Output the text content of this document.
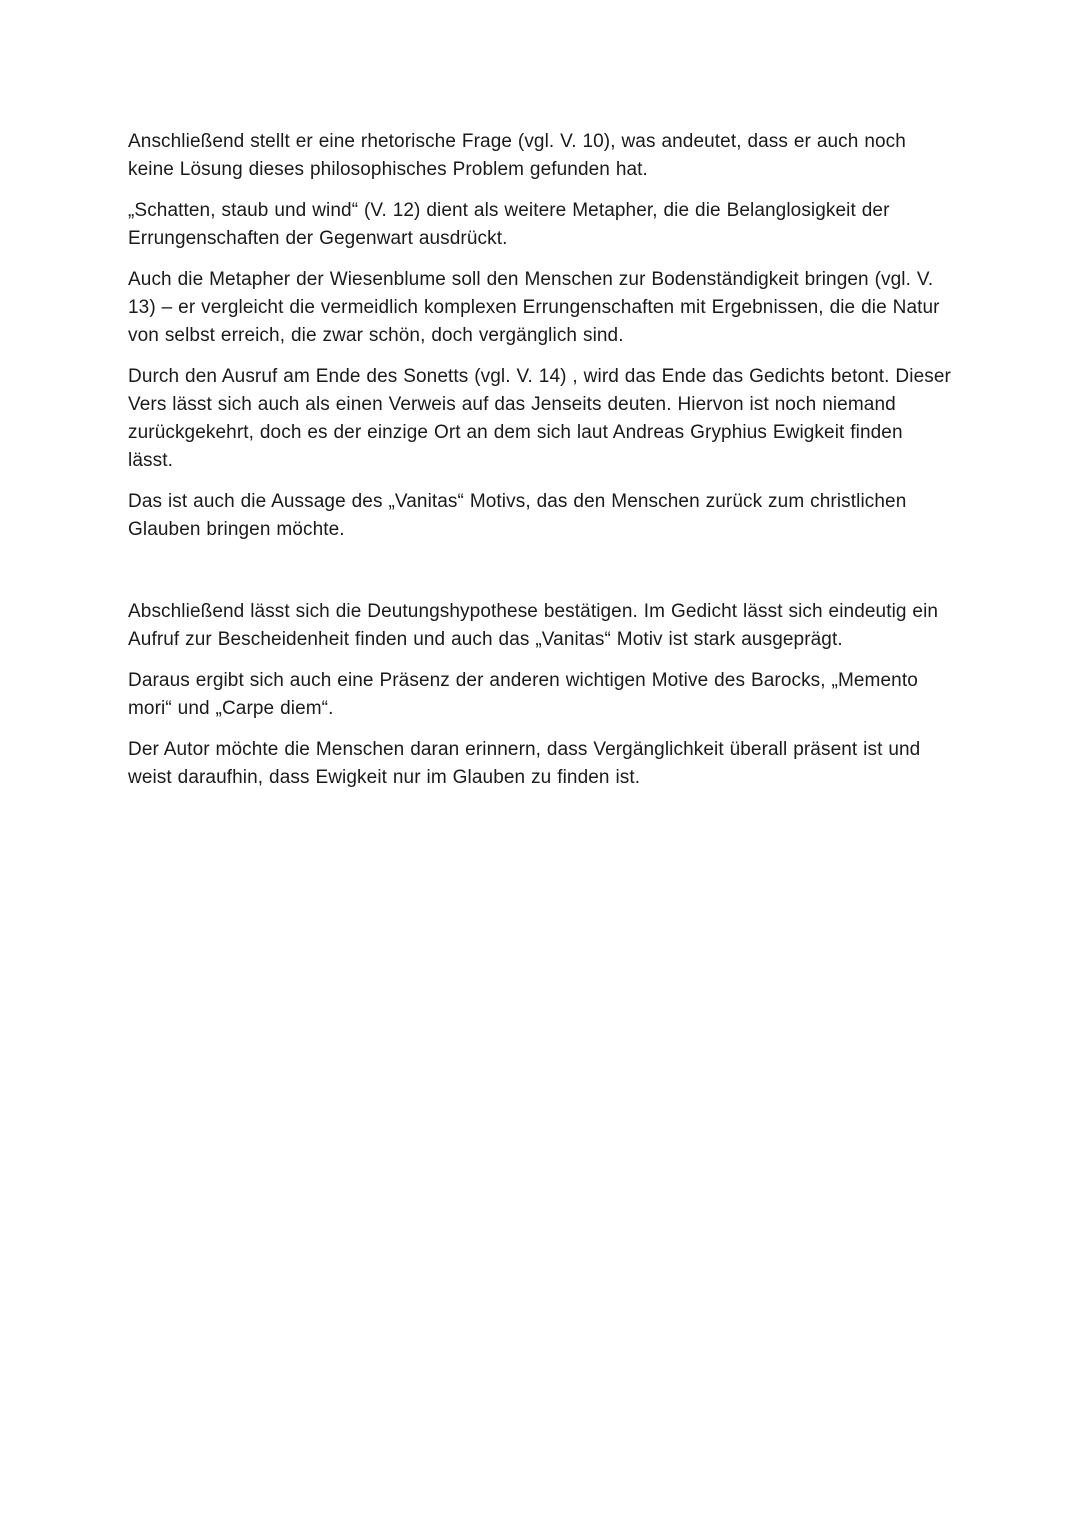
Anschließend stellt er eine rhetorische Frage (vgl. V. 10), was andeutet, dass er auch noch keine Lösung dieses philosophisches Problem gefunden hat.

„Schatten, staub und wind“ (V. 12) dient als weitere Metapher, die die Belanglosigkeit der Errungenschaften der Gegenwart ausdrückt.

Auch die Metapher der Wiesenblume soll den Menschen zur Bodenständigkeit bringen (vgl. V. 13) – er vergleicht die vermeidlich komplexen Errungenschaften mit Ergebnissen, die die Natur von selbst erreich, die zwar schön, doch vergänglich sind.

Durch den Ausruf am Ende des Sonetts (vgl. V. 14) , wird das Ende das Gedichts betont. Dieser Vers lässt sich auch als einen Verweis auf das Jenseits deuten. Hiervon ist noch niemand zurückgekehrt, doch es der einzige Ort an dem sich laut Andreas Gryphius Ewigkeit finden lässt.

Das ist auch die Aussage des „Vanitas“ Motivs, das den Menschen zurück zum christlichen Glauben bringen möchte.

Abschließend lässt sich die Deutungshypothese bestätigen. Im Gedicht lässt sich eindeutig ein Aufruf zur Bescheidenheit finden und auch das „Vanitas“ Motiv ist stark ausgeprägt.

Daraus ergibt sich auch eine Präsenz der anderen wichtigen Motive des Barocks, „Memento mori“ und „Carpe diem“.

Der Autor möchte die Menschen daran erinnern, dass Vergänglichkeit überall präsent ist und weist daraufhin, dass Ewigkeit nur im Glauben zu finden ist.
